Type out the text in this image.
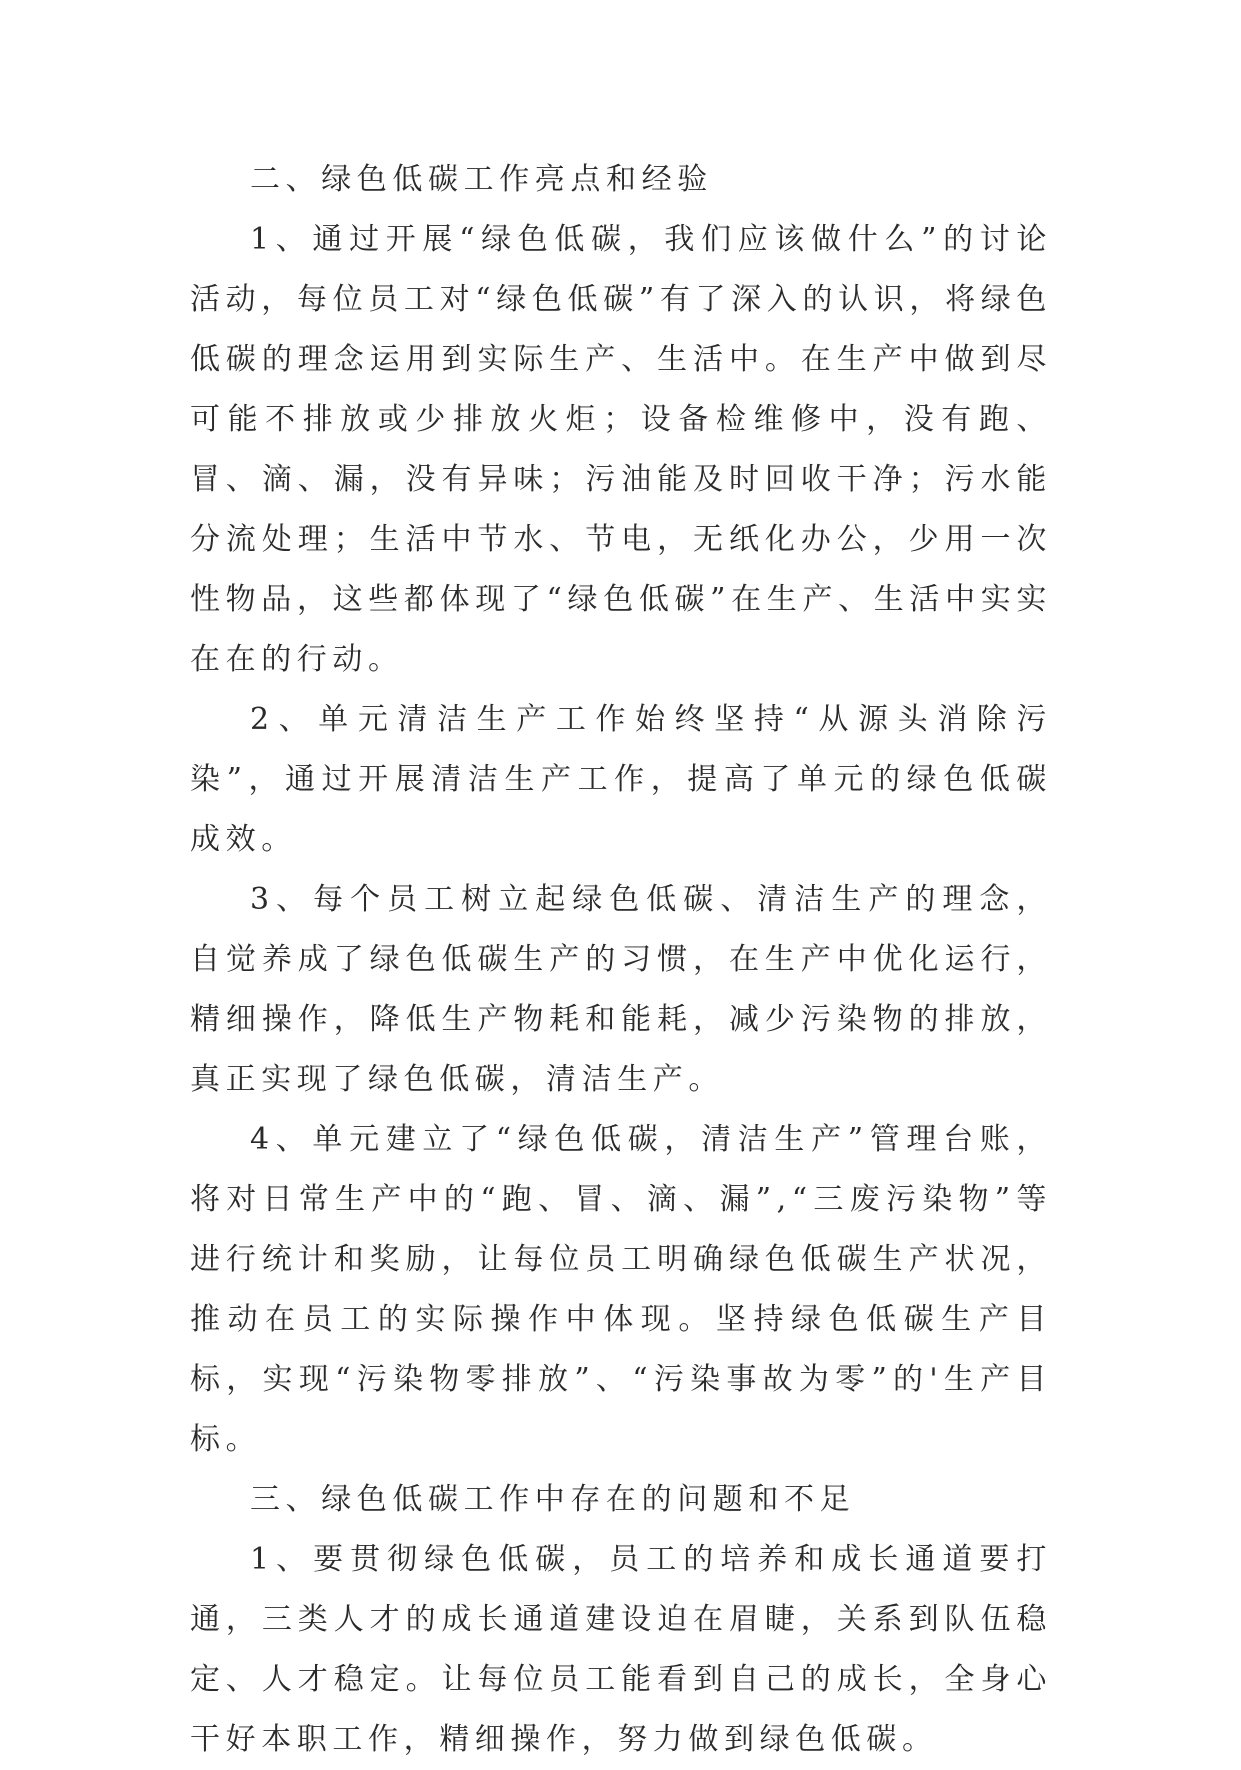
二、绿色低碳工作亮点和经验

1、通过开展“绿色低碳，我们应该做什么”的讨论活动，每位员工对“绿色低碳”有了深入的认识，将绿色低碳的理念运用到实际生产、生活中。在生产中做到尽可能不排放或少排放火炬；设备检维修中，没有跑、冒、滴、漏，没有异味；污油能及时回收干净；污水能分流处理；生活中节水、节电，无纸化办公，少用一次性物品，这些都体现了“绿色低碳”在生产、生活中实实在在的行动。

2、单元清洁生产工作始终坚持“从源头消除污染”，通过开展清洁生产工作，提高了单元的绿色低碳成效。

3、每个员工树立起绿色低碳、清洁生产的理念，自觉养成了绿色低碳生产的习惯，在生产中优化运行，精细操作，降低生产物耗和能耗，减少污染物的排放，真正实现了绿色低碳，清洁生产。

4、单元建立了“绿色低碳，清洁生产”管理台账，将对日常生产中的“跑、冒、滴、漏”,“三废污染物”等进行统计和奖励，让每位员工明确绿色低碳生产状况，推动在员工的实际操作中体现。坚持绿色低碳生产目标，实现“污染物零排放”、“污染事故为零”的'生产目标。

三、绿色低碳工作中存在的问题和不足

1、要贯彻绿色低碳，员工的培养和成长通道要打通，三类人才的成长通道建设迫在眉睫，关系到队伍稳定、人才稳定。让每位员工能看到自己的成长，全身心干好本职工作，精细操作，努力做到绿色低碳。
